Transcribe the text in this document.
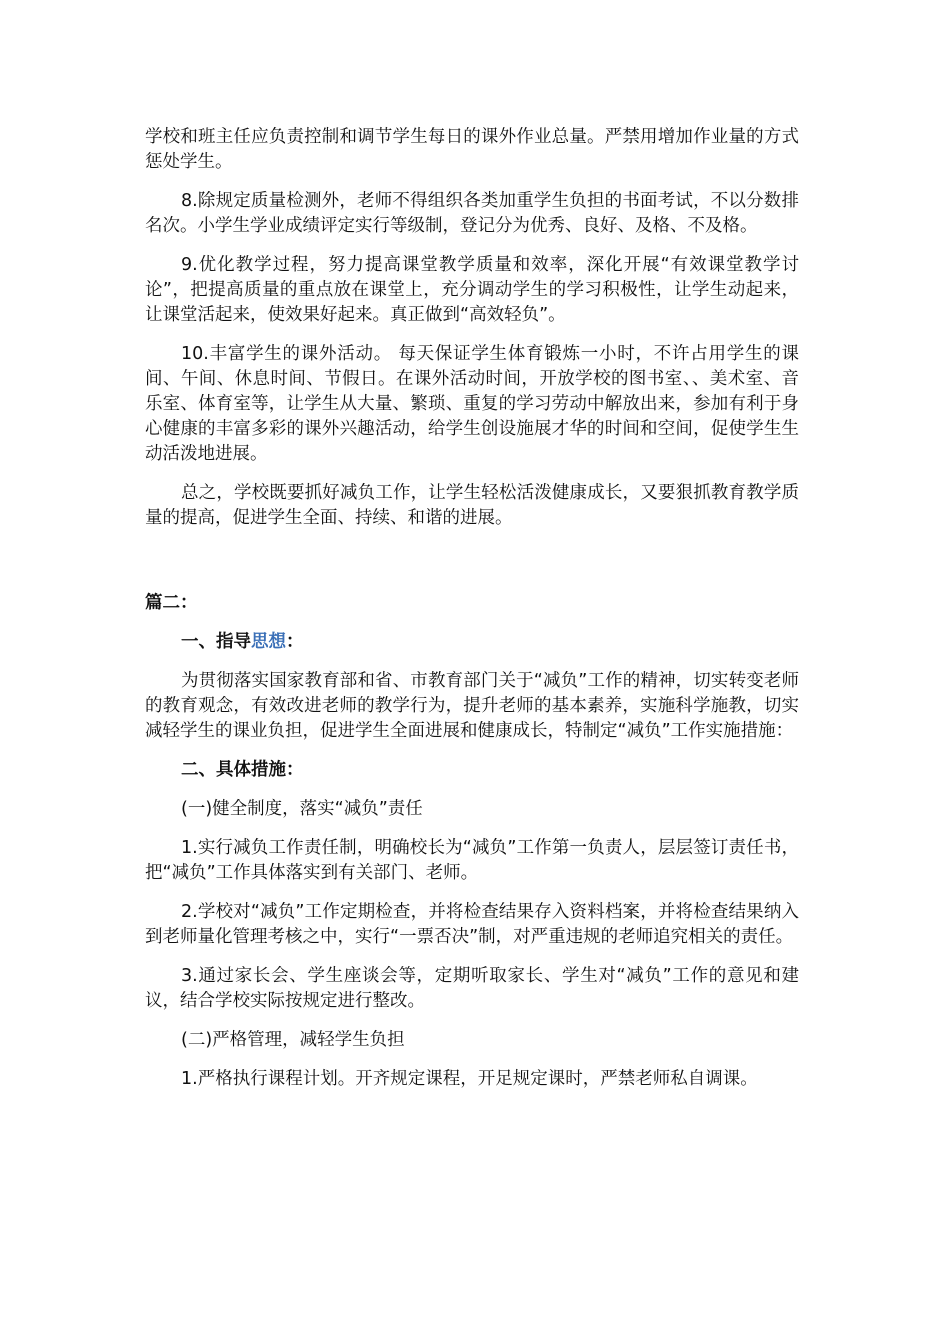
学校和班主任应负责控制和调节学生每日的课外作业总量。严禁用增加作业量的方式惩处学生。

8.除规定质量检测外，老师不得组织各类加重学生负担的书面考试，不以分数排名次。小学生学业成绩评定实行等级制，登记分为优秀、良好、及格、不及格。

9.优化教学过程，努力提高课堂教学质量和效率，深化开展“有效课堂教学讨论”，把提高质量的重点放在课堂上，充分调动学生的学习积极性，让学生动起来，让课堂活起来，使效果好起来。真正做到“高效轻负”。

10.丰富学生的课外活动。 每天保证学生体育锻炼一小时，不许占用学生的课间、午间、休息时间、节假日。在课外活动时间，开放学校的图书室、、美术室、音乐室、体育室等，让学生从大量、繁琐、重复的学习劳动中解放出来，参加有利于身心健康的丰富多彩的课外兴趣活动，给学生创设施展才华的时间和空间，促使学生生动活泼地进展。

总之，学校既要抓好减负工作，让学生轻松活泼健康成长，又要狠抓教育教学质量的提高，促进学生全面、持续、和谐的进展。

篇二：

一、指导思想：

为贯彻落实国家教育部和省、市教育部门关于“减负”工作的精神，切实转变老师的教育观念，有效改进老师的教学行为，提升老师的基本素养，实施科学施教，切实减轻学生的课业负担，促进学生全面进展和健康成长，特制定“减负”工作实施措施：

二、具体措施：

(一)健全制度，落实“减负”责任

1.实行减负工作责任制，明确校长为“减负”工作第一负责人，层层签订责任书，把“减负”工作具体落实到有关部门、老师。

2.学校对“减负”工作定期检查，并将检查结果存入资料档案，并将检查结果纳入到老师量化管理考核之中，实行“一票否决”制，对严重违规的老师追究相关的责任。

3.通过家长会、学生座谈会等，定期听取家长、学生对“减负”工作的意见和建议，结合学校实际按规定进行整改。

(二)严格管理，减轻学生负担

1.严格执行课程计划。开齐规定课程，开足规定课时，严禁老师私自调课。
